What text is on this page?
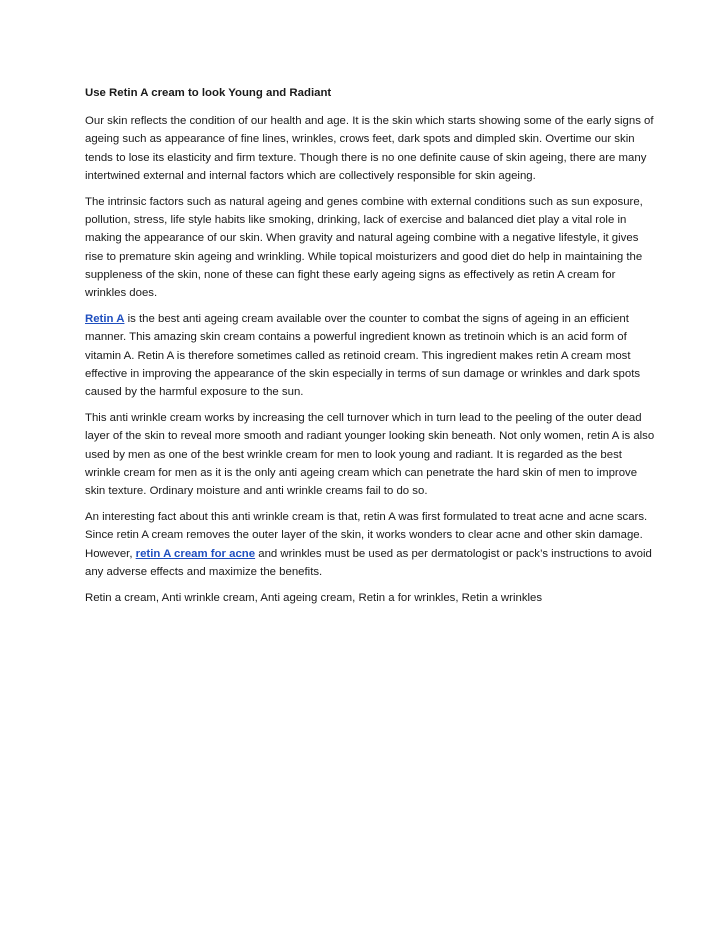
Use Retin A cream to look Young and Radiant

Our skin reflects the condition of our health and age. It is the skin which starts showing some of the early signs of ageing such as appearance of fine lines, wrinkles, crows feet, dark spots and dimpled skin. Overtime our skin tends to lose its elasticity and firm texture. Though there is no one definite cause of skin ageing, there are many intertwined external and internal factors which are collectively responsible for skin ageing.

The intrinsic factors such as natural ageing and genes combine with external conditions such as sun exposure, pollution, stress, life style habits like smoking, drinking, lack of exercise and balanced diet play a vital role in making the appearance of our skin. When gravity and natural ageing combine with a negative lifestyle, it gives rise to premature skin ageing and wrinkling. While topical moisturizers and good diet do help in maintaining the suppleness of the skin, none of these can fight these early ageing signs as effectively as retin A cream for wrinkles does.

Retin A is the best anti ageing cream available over the counter to combat the signs of ageing in an efficient manner. This amazing skin cream contains a powerful ingredient known as tretinoin which is an acid form of vitamin A. Retin A is therefore sometimes called as retinoid cream. This ingredient makes retin A cream most effective in improving the appearance of the skin especially in terms of sun damage or wrinkles and dark spots caused by the harmful exposure to the sun.

This anti wrinkle cream works by increasing the cell turnover which in turn lead to the peeling of the outer dead layer of the skin to reveal more smooth and radiant younger looking skin beneath. Not only women, retin A is also used by men as one of the best wrinkle cream for men to look young and radiant. It is regarded as the best wrinkle cream for men as it is the only anti ageing cream which can penetrate the hard skin of men to improve skin texture. Ordinary moisture and anti wrinkle creams fail to do so.

An interesting fact about this anti wrinkle cream is that, retin A was first formulated to treat acne and acne scars. Since retin A cream removes the outer layer of the skin, it works wonders to clear acne and other skin damage. However, retin A cream for acne and wrinkles must be used as per dermatologist or pack’s instructions to avoid any adverse effects and maximize the benefits.

Retin a cream, Anti wrinkle cream, Anti ageing cream, Retin a for wrinkles, Retin a wrinkles
